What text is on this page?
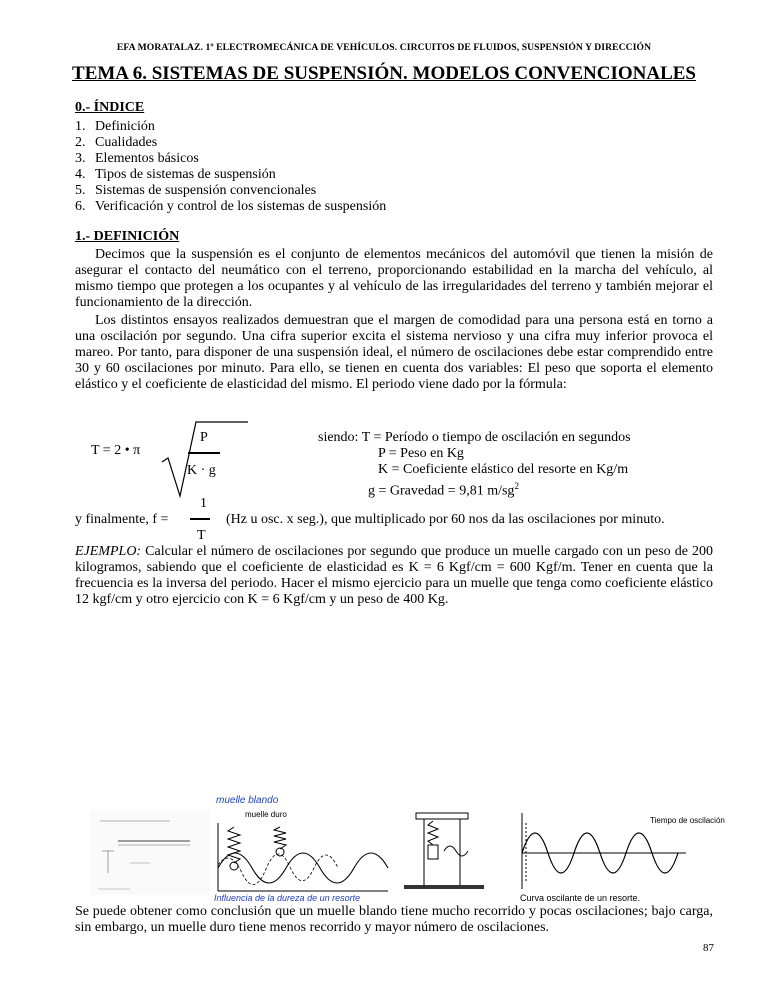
EFA MORATALAZ. 1º ELECTROMECÁNICA DE VEHÍCULOS. CIRCUITOS DE FLUIDOS, SUSPENSIÓN Y DIRECCIÓN
TEMA 6. SISTEMAS DE SUSPENSIÓN. MODELOS CONVENCIONALES
0.- ÍNDICE
1. Definición
2. Cualidades
3. Elementos básicos
4. Tipos de sistemas de suspensión
5. Sistemas de suspensión convencionales
6. Verificación y control de los sistemas de suspensión
1.- DEFINICIÓN
Decimos que la suspensión es el conjunto de elementos mecánicos del automóvil que tienen la misión de asegurar el contacto del neumático con el terreno, proporcionando estabilidad en la marcha del vehículo, al mismo tiempo que protegen a los ocupantes y al vehículo de las irregularidades del terreno y también mejorar el funcionamiento de la dirección.
Los distintos ensayos realizados demuestran que el margen de comodidad para una persona está en torno a una oscilación por segundo. Una cifra superior excita el sistema nervioso y una cifra muy inferior provoca el mareo. Por tanto, para disponer de una suspensión ideal, el número de oscilaciones debe estar comprendido entre 30 y 60 oscilaciones por minuto. Para ello, se tienen en cuenta dos variables: El peso que soporta el elemento elástico y el coeficiente de elasticidad del mismo. El periodo viene dado por la fórmula:
T = 2 • π
P
K · g
siendo: T = Período o tiempo de oscilación en segundos
P = Peso en Kg
K = Coeficiente elástico del resorte en Kg/m
g = Gravedad = 9,81 $m/sg^2$
1
y finalmente, f =	(Hz u osc. x seg.), que multiplicado por 60 nos da las oscilaciones por minuto.
T
EJEMPLO: Calcular el número de oscilaciones por segundo que produce un muelle cargado con un peso de 200 kilogramos, sabiendo que el coeficiente de elasticidad es K = 6 Kgf/cm = 600 Kgf/m. Tener en cuenta que la frecuencia es la inversa del periodo. Hacer el mismo ejercicio para un muelle que tenga como coeficiente elástico 12 kgf/cm y otro ejercicio con K = 6 Kgf/cm y un peso de 400 Kg.
muelle blando
muelle duro
Influencia de la dureza de un resorte
Tiempo de oscilación
Curva oscilante de un resorte.
Se puede obtener como conclusión que un muelle blando tiene mucho recorrido y pocas oscilaciones; bajo carga, sin embargo, un muelle duro tiene menos recorrido y mayor número de oscilaciones.
87
